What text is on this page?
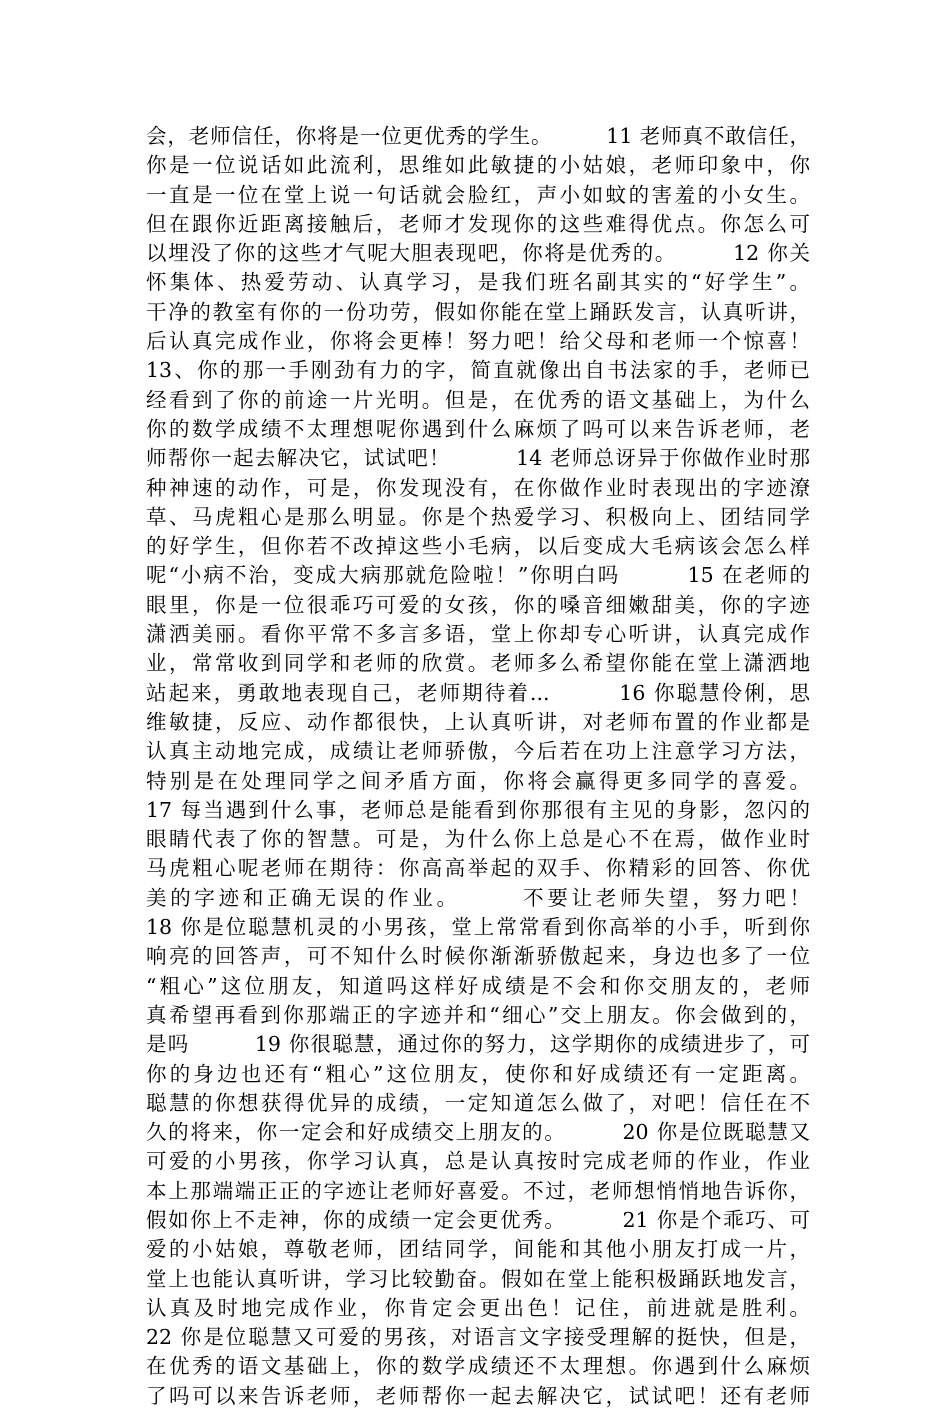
会，老师信任，你将是一位更优秀的学生。　　　11 老师真不敢信任，
你是一位说话如此流利，思维如此敏捷的小姑娘，老师印象中，你
一直是一位在堂上说一句话就会脸红，声小如蚊的害羞的小女生。
但在跟你近距离接触后，老师才发现你的这些难得优点。你怎么可
以埋没了你的这些才气呢大胆表现吧，你将是优秀的。　　　12 你关
怀集体、热爱劳动、认真学习，是我们班名副其实的“好学生”。
干净的教室有你的一份功劳，假如你能在堂上踊跃发言，认真听讲，
后认真完成作业，你将会更棒！努力吧！给父母和老师一个惊喜！
13、你的那一手刚劲有力的字，简直就像出自书法家的手，老师已
经看到了你的前途一片光明。但是，在优秀的语文基础上，为什么
你的数学成绩不太理想呢你遇到什么麻烦了吗可以来告诉老师，老
师帮你一起去解决它，试试吧！　　　14 老师总讶异于你做作业时那
种神速的动作，可是，你发现没有，在你做作业时表现出的字迹潦
草、马虎粗心是那么明显。你是个热爱学习、积极向上、团结同学
的好学生，但你若不改掉这些小毛病，以后变成大毛病该会怎么样
呢“小病不治，变成大病那就危险啦！”你明白吗　　　15 在老师的
眼里，你是一位很乖巧可爱的女孩，你的嗓音细嫩甜美，你的字迹
潇洒美丽。看你平常不多言多语，堂上你却专心听讲，认真完成作
业，常常收到同学和老师的欣赏。老师多么希望你能在堂上潇洒地
站起来，勇敢地表现自己，老师期待着...　　　16 你聪慧伶俐，思
维敏捷，反应、动作都很快，上认真听讲，对老师布置的作业都是
认真主动地完成，成绩让老师骄傲，今后若在功上注意学习方法，
特别是在处理同学之间矛盾方面，你将会赢得更多同学的喜爱。
17 每当遇到什么事，老师总是能看到你那很有主见的身影，忽闪的
眼睛代表了你的智慧。可是，为什么你上总是心不在焉，做作业时
马虎粗心呢老师在期待：你高高举起的双手、你精彩的回答、你优
美的字迹和正确无误的作业。　　　不要让老师失望，努力吧！
18 你是位聪慧机灵的小男孩，堂上常常看到你高举的小手，听到你
响亮的回答声，可不知什么时候你渐渐骄傲起来，身边也多了一位
“粗心”这位朋友，知道吗这样好成绩是不会和你交朋友的，老师
真希望再看到你那端正的字迹并和“细心”交上朋友。你会做到的，
是吗　　　19 你很聪慧，通过你的努力，这学期你的成绩进步了，可
你的身边也还有“粗心”这位朋友，使你和好成绩还有一定距离。
聪慧的你想获得优异的成绩，一定知道怎么做了，对吧！信任在不
久的将来，你一定会和好成绩交上朋友的。　　　20 你是位既聪慧又
可爱的小男孩，你学习认真，总是认真按时完成老师的作业，作业
本上那端端正正的字迹让老师好喜爱。不过，老师想悄悄地告诉你，
假如你上不走神，你的成绩一定会更优秀。　　　21 你是个乖巧、可
爱的小姑娘，尊敬老师，团结同学，间能和其他小朋友打成一片，
堂上也能认真听讲，学习比较勤奋。假如在堂上能积极踊跃地发言，
认真及时地完成作业，你肯定会更出色！记住，前进就是胜利。
22 你是位聪慧又可爱的男孩，对语言文字接受理解的挺快，但是，
在优秀的语文基础上，你的数学成绩还不太理想。你遇到什么麻烦
了吗可以来告诉老师，老师帮你一起去解决它，试试吧！还有老师
